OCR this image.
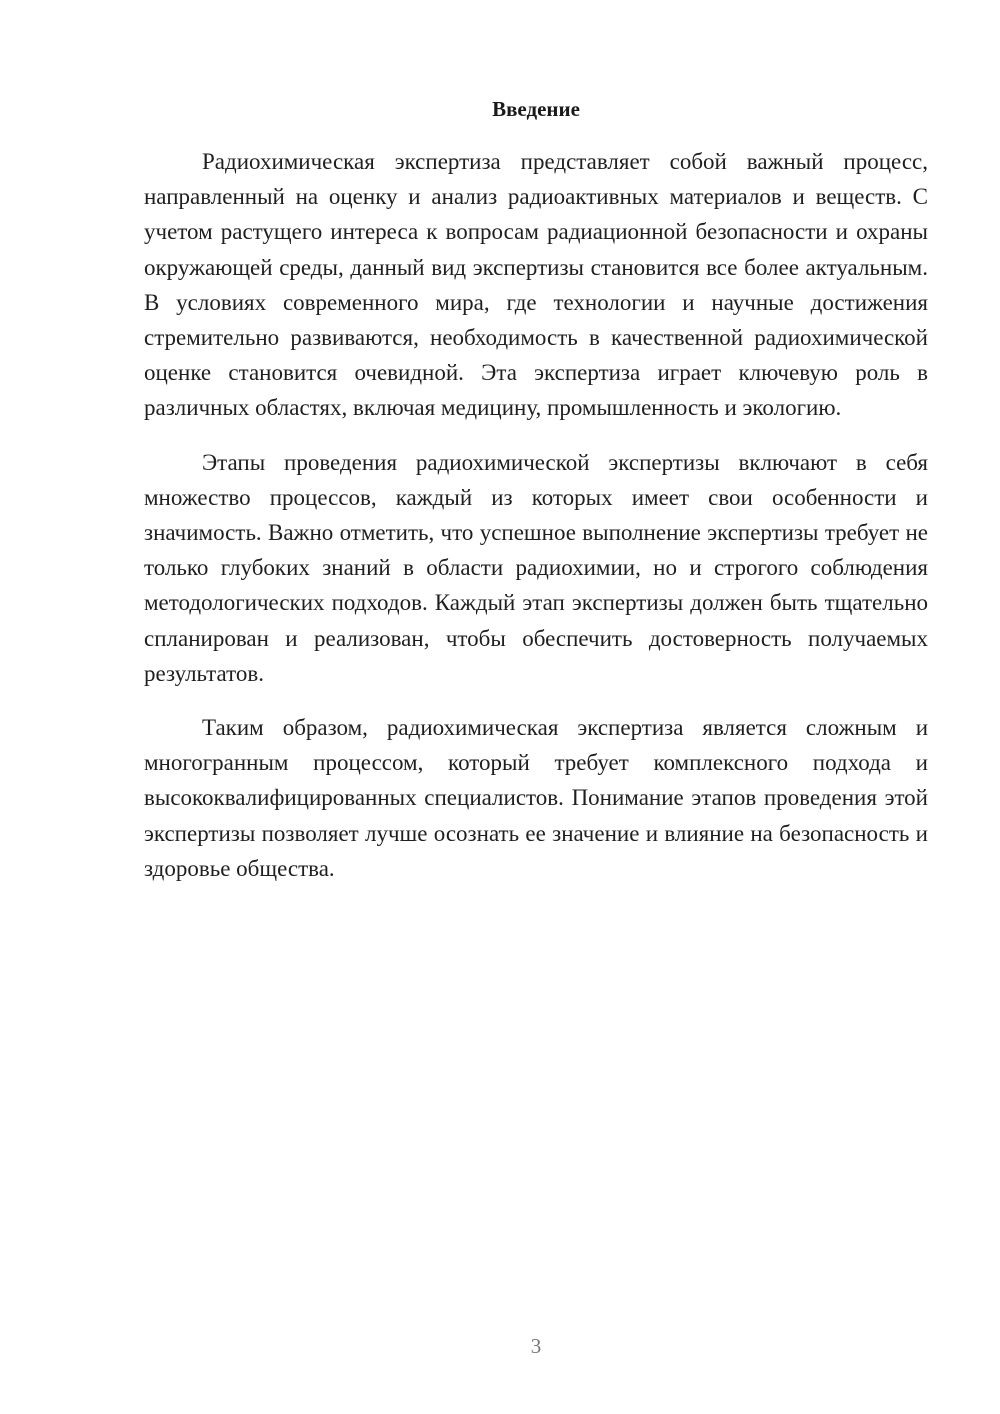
Введение

Радиохимическая экспертиза представляет собой важный процесс, направленный на оценку и анализ радиоактивных материалов и веществ. С учетом растущего интереса к вопросам радиационной безопасности и охраны окружающей среды, данный вид экспертизы становится все более актуальным. В условиях современного мира, где технологии и научные достижения стремительно развиваются, необходимость в качественной радиохимической оценке становится очевидной. Эта экспертиза играет ключевую роль в различных областях, включая медицину, промышленность и экологию.

Этапы проведения радиохимической экспертизы включают в себя множество процессов, каждый из которых имеет свои особенности и значимость. Важно отметить, что успешное выполнение экспертизы требует не только глубоких знаний в области радиохимии, но и строгого соблюдения методологических подходов. Каждый этап экспертизы должен быть тщательно спланирован и реализован, чтобы обеспечить достоверность получаемых результатов.

Таким образом, радиохимическая экспертиза является сложным и многогранным процессом, который требует комплексного подхода и высококвалифицированных специалистов. Понимание этапов проведения этой экспертизы позволяет лучше осознать ее значение и влияние на безопасность и здоровье общества.

3
